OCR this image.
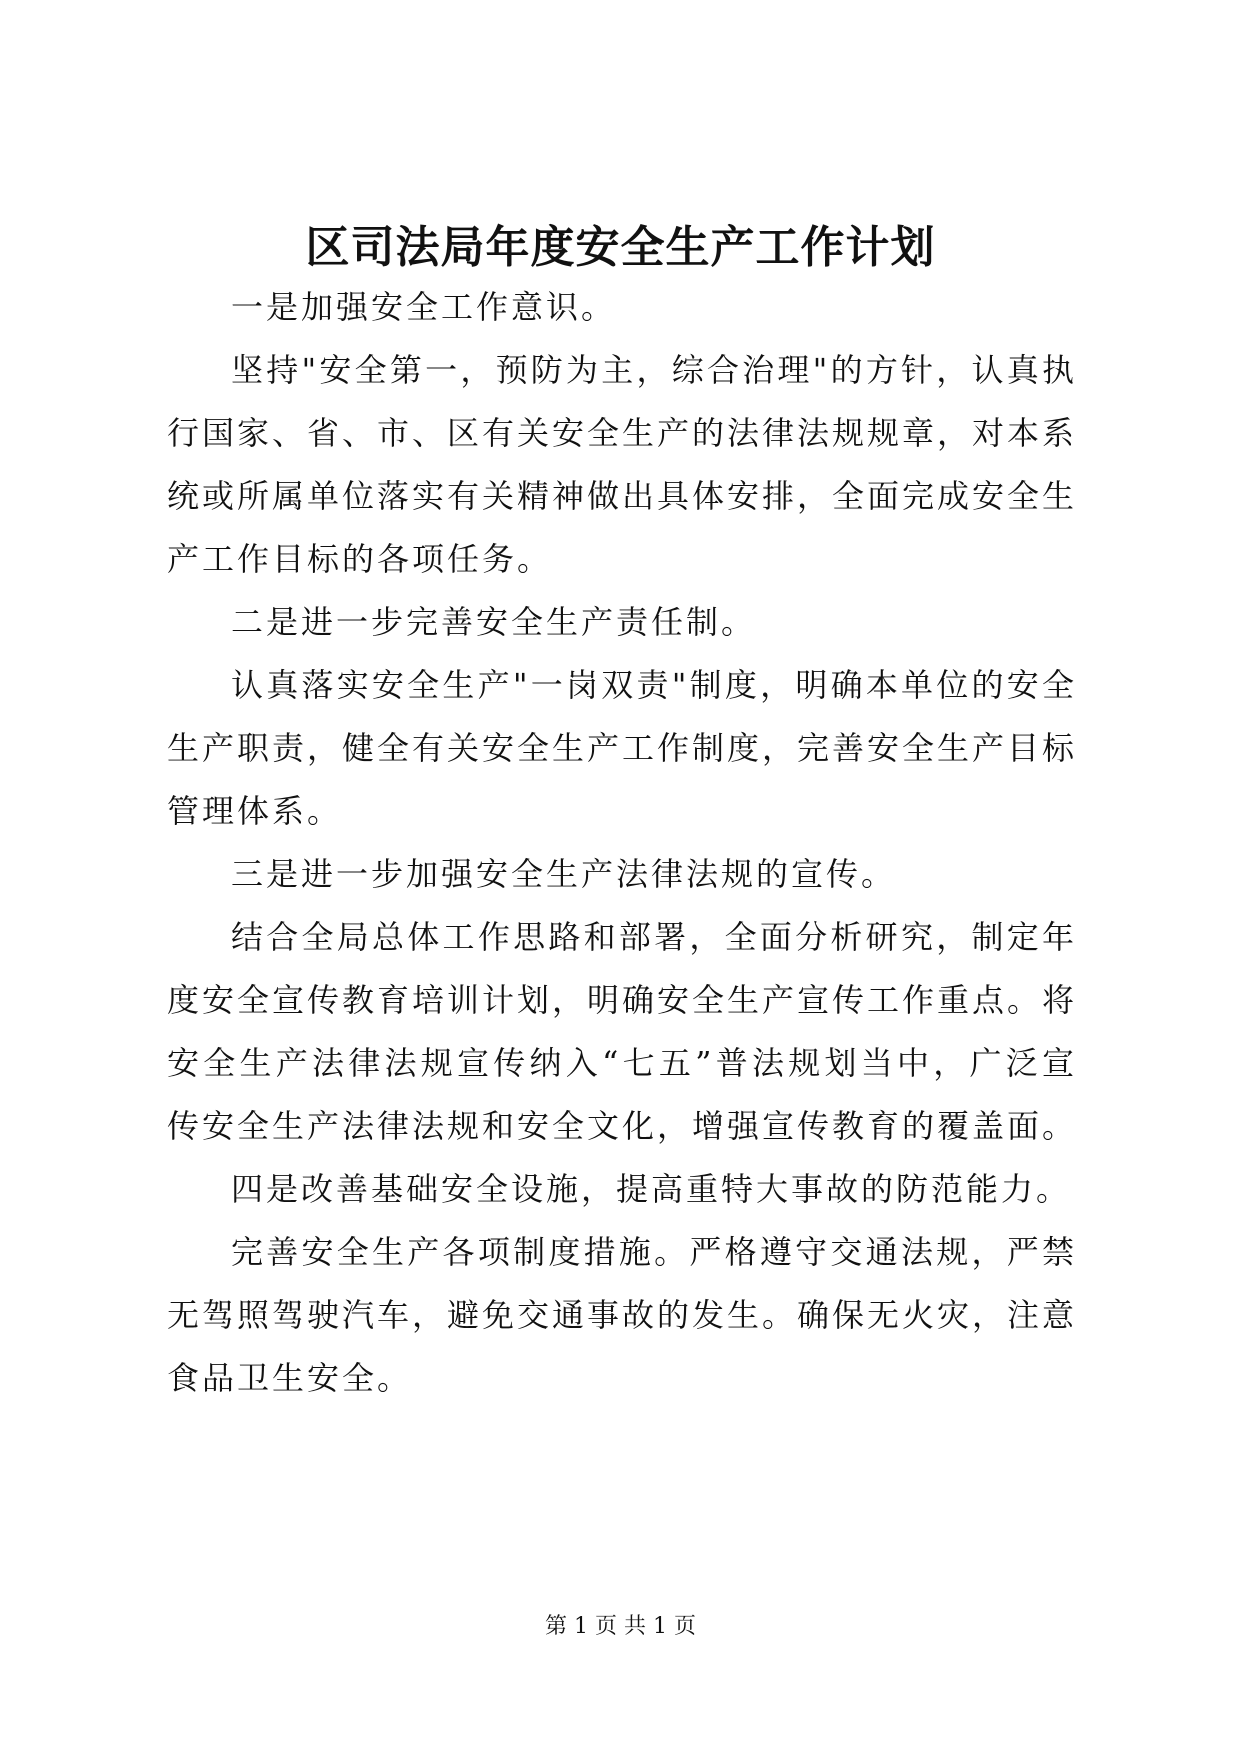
区司法局年度安全生产工作计划

一是加强安全工作意识。

坚持"安全第一，预防为主，综合治理"的方针，认真执行国家、省、市、区有关安全生产的法律法规规章，对本系统或所属单位落实有关精神做出具体安排，全面完成安全生产工作目标的各项任务。

二是进一步完善安全生产责任制。

认真落实安全生产"一岗双责"制度，明确本单位的安全生产职责，健全有关安全生产工作制度，完善安全生产目标管理体系。

三是进一步加强安全生产法律法规的宣传。

结合全局总体工作思路和部署，全面分析研究，制定年度安全宣传教育培训计划，明确安全生产宣传工作重点。将安全生产法律法规宣传纳入“七五”普法规划当中，广泛宣传安全生产法律法规和安全文化，增强宣传教育的覆盖面。

四是改善基础安全设施，提高重特大事故的防范能力。

完善安全生产各项制度措施。严格遵守交通法规，严禁无驾照驾驶汽车，避免交通事故的发生。确保无火灾，注意食品卫生安全。

第 1 页 共 1 页
